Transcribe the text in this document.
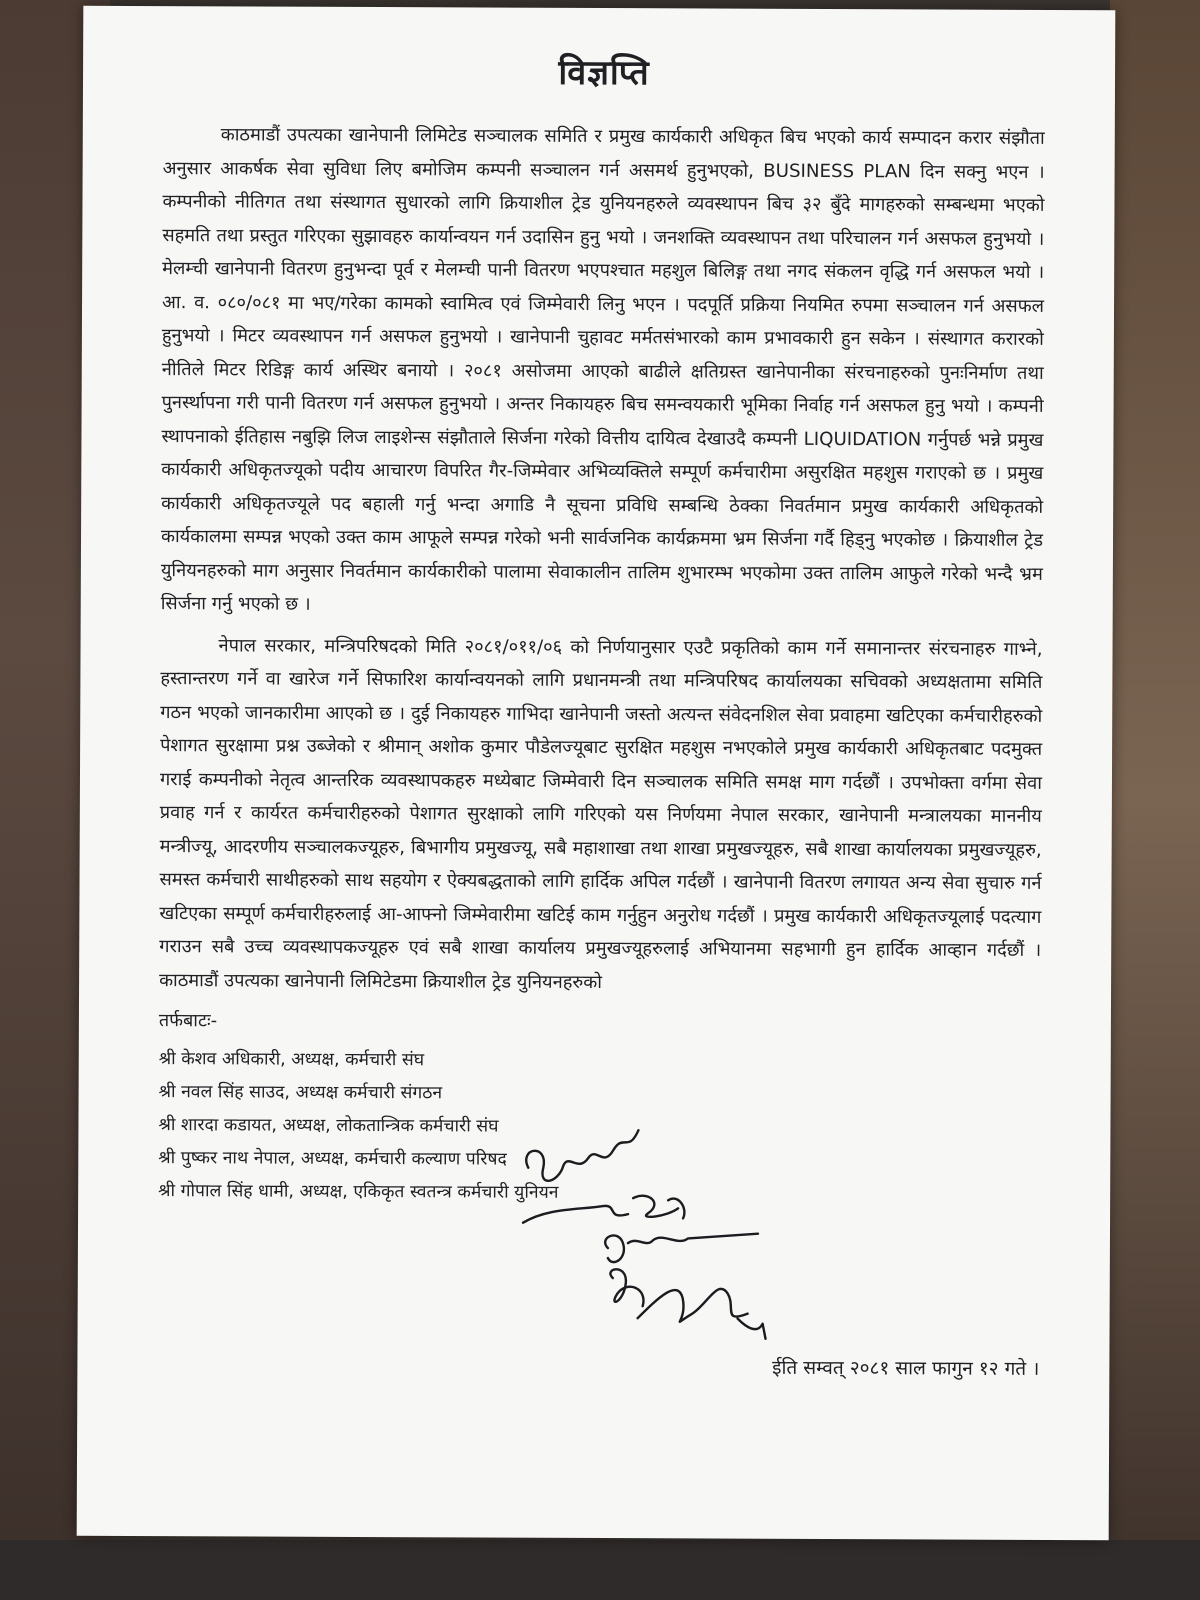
विज्ञप्ति

काठमाडौं उपत्यका खानेपानी लिमिटेड सञ्चालक समिति र प्रमुख कार्यकारी अधिकृत बिच भएको कार्य सम्पादन करार संझौता अनुसार आकर्षक सेवा सुविधा लिए बमोजिम कम्पनी सञ्चालन गर्न असमर्थ हुनुभएको, BUSINESS PLAN दिन सक्नु भएन । कम्पनीको नीतिगत तथा संस्थागत सुधारको लागि क्रियाशील ट्रेड युनियनहरुले व्यवस्थापन बिच ३२ बुँदे मागहरुको सम्बन्धमा भएको सहमति तथा प्रस्तुत गरिएका सुझावहरु कार्यान्वयन गर्न उदासिन हुनु भयो । जनशक्ति व्यवस्थापन तथा परिचालन गर्न असफल हुनुभयो । मेलम्ची खानेपानी वितरण हुनुभन्दा पूर्व र मेलम्ची पानी वितरण भएपश्चात महशुल बिलिङ्ग तथा नगद संकलन वृद्धि गर्न असफल भयो । आ. व. ०८०/०८१ मा भए/गरेका कामको स्वामित्व एवं जिम्मेवारी लिनु भएन । पदपूर्ति प्रक्रिया नियमित रुपमा सञ्चालन गर्न असफल हुनुभयो । मिटर व्यवस्थापन गर्न असफल हुनुभयो । खानेपानी चुहावट मर्मतसंभारको काम प्रभावकारी हुन सकेन । संस्थागत करारको नीतिले मिटर रिडिङ्ग कार्य अस्थिर बनायो । २०८१ असोजमा आएको बाढीले क्षतिग्रस्त खानेपानीका संरचनाहरुको पुनःनिर्माण तथा पुनर्स्थापना गरी पानी वितरण गर्न असफल हुनुभयो । अन्तर निकायहरु बिच समन्वयकारी भूमिका निर्वाह गर्न असफल हुनु भयो । कम्पनी स्थापनाको ईतिहास नबुझि लिज लाइशेन्स संझौताले सिर्जना गरेको वित्तीय दायित्व देखाउदै कम्पनी LIQUIDATION गर्नुपर्छ भन्ने प्रमुख कार्यकारी अधिकृतज्यूको पदीय आचारण विपरित गैर-जिम्मेवार अभिव्यक्तिले सम्पूर्ण कर्मचारीमा असुरक्षित महशुस गराएको छ । प्रमुख कार्यकारी अधिकृतज्यूले पद बहाली गर्नु भन्दा अगाडि नै सूचना प्रविधि सम्बन्धि ठेक्का निवर्तमान प्रमुख कार्यकारी अधिकृतको कार्यकालमा सम्पन्न भएको उक्त काम आफूले सम्पन्न गरेको भनी सार्वजनिक कार्यक्रममा भ्रम सिर्जना गर्दै हिड्नु भएकोछ । क्रियाशील ट्रेड युनियनहरुको माग अनुसार निवर्तमान कार्यकारीको पालामा सेवाकालीन तालिम शुभारम्भ भएकोमा उक्त तालिम आफुले गरेको भन्दै भ्रम सिर्जना गर्नु भएको छ ।

नेपाल सरकार, मन्त्रिपरिषदको मिति २०८१/०११/०६ को निर्णयानुसार एउटै प्रकृतिको काम गर्ने समानान्तर संरचनाहरु गाभ्ने, हस्तान्तरण गर्ने वा खारेज गर्ने सिफारिश कार्यान्वयनको लागि प्रधानमन्त्री तथा मन्त्रिपरिषद कार्यालयका सचिवको अध्यक्षतामा समिति गठन भएको जानकारीमा आएको छ । दुई निकायहरु गाभिदा खानेपानी जस्तो अत्यन्त संवेदनशिल सेवा प्रवाहमा खटिएका कर्मचारीहरुको पेशागत सुरक्षामा प्रश्न उब्जेको र श्रीमान् अशोक कुमार पौडेलज्यूबाट सुरक्षित महशुस नभएकोले प्रमुख कार्यकारी अधिकृतबाट पदमुक्त गराई कम्पनीको नेतृत्व आन्तरिक व्यवस्थापकहरु मध्येबाट जिम्मेवारी दिन सञ्चालक समिति समक्ष माग गर्दछौं । उपभोक्ता वर्गमा सेवा प्रवाह गर्न र कार्यरत कर्मचारीहरुको पेशागत सुरक्षाको लागि गरिएको यस निर्णयमा नेपाल सरकार, खानेपानी मन्त्रालयका माननीय मन्त्रीज्यू, आदरणीय सञ्चालकज्यूहरु, बिभागीय प्रमुखज्यू, सबै महाशाखा तथा शाखा प्रमुखज्यूहरु, सबै शाखा कार्यालयका प्रमुखज्यूहरु, समस्त कर्मचारी साथीहरुको साथ सहयोग र ऐक्यबद्धताको लागि हार्दिक अपिल गर्दछौं । खानेपानी वितरण लगायत अन्य सेवा सुचारु गर्न खटिएका सम्पूर्ण कर्मचारीहरुलाई आ-आफ्नो जिम्मेवारीमा खटिई काम गर्नुहुन अनुरोध गर्दछौं । प्रमुख कार्यकारी अधिकृतज्यूलाई पदत्याग गराउन सबै उच्च व्यवस्थापकज्यूहरु एवं सबै शाखा कार्यालय प्रमुखज्यूहरुलाई अभियानमा सहभागी हुन हार्दिक आव्हान गर्दछौं । काठमाडौं उपत्यका खानेपानी लिमिटेडमा क्रियाशील ट्रेड युनियनहरुको

तर्फबाटः-

श्री केशव अधिकारी, अध्यक्ष, कर्मचारी संघ
श्री नवल सिंह साउद, अध्यक्ष कर्मचारी संगठन
श्री शारदा कडायत, अध्यक्ष, लोकतान्त्रिक कर्मचारी संघ
श्री पुष्कर नाथ नेपाल, अध्यक्ष, कर्मचारी कल्याण परिषद
श्री गोपाल सिंह धामी, अध्यक्ष, एकिकृत स्वतन्त्र कर्मचारी युनियन
ईति सम्वत् २०८१ साल फागुन १२ गते ।
